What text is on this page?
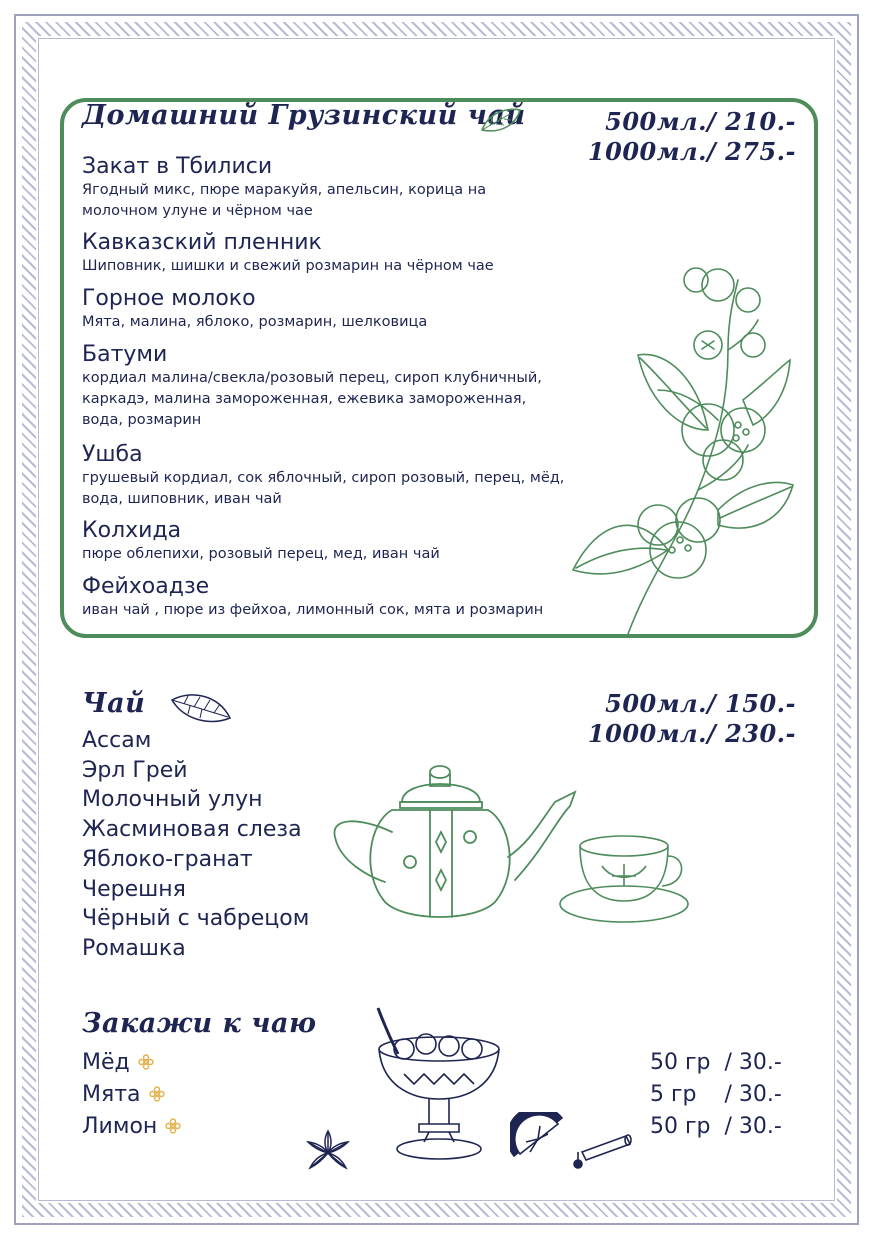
Домашний Грузинский чай	500мл./ 210.-
1000мл./ 275.-
Закат в Тбилиси
Ягодный микс, пюре маракуйя, апельсин, корица на
молочном улуне и чёрном чае
Кавказский пленник
Шиповник, шишки и свежий розмарин на чёрном чае
Горное молоко
Мята, малина, яблоко, розмарин, шелковица
Батуми
кордиал малина/свекла/розовый перец, сироп клубничный,
каркадэ, малина замороженная, ежевика замороженная,
вода, розмарин
Ушба
грушевый кордиал, сок яблочный, сироп розовый, перец, мёд,
вода, шиповник, иван чай
Колхида
пюре облепихи, розовый перец, мед, иван чай
Фейхоадзе
иван чай , пюре из фейхоа, лимонный сок, мята и розмарин
Чай	500мл./ 150.-
1000мл./ 230.-
Ассам
Эрл Грей
Молочный улун
Жасминовая слеза
Яблоко-гранат
Черешня
Чёрный с чабрецом
Ромашка
Закажи к чаю
Мёд	50 гр  / 30.-
Мята	5 гр    / 30.-
Лимон	50 гр  / 30.-
